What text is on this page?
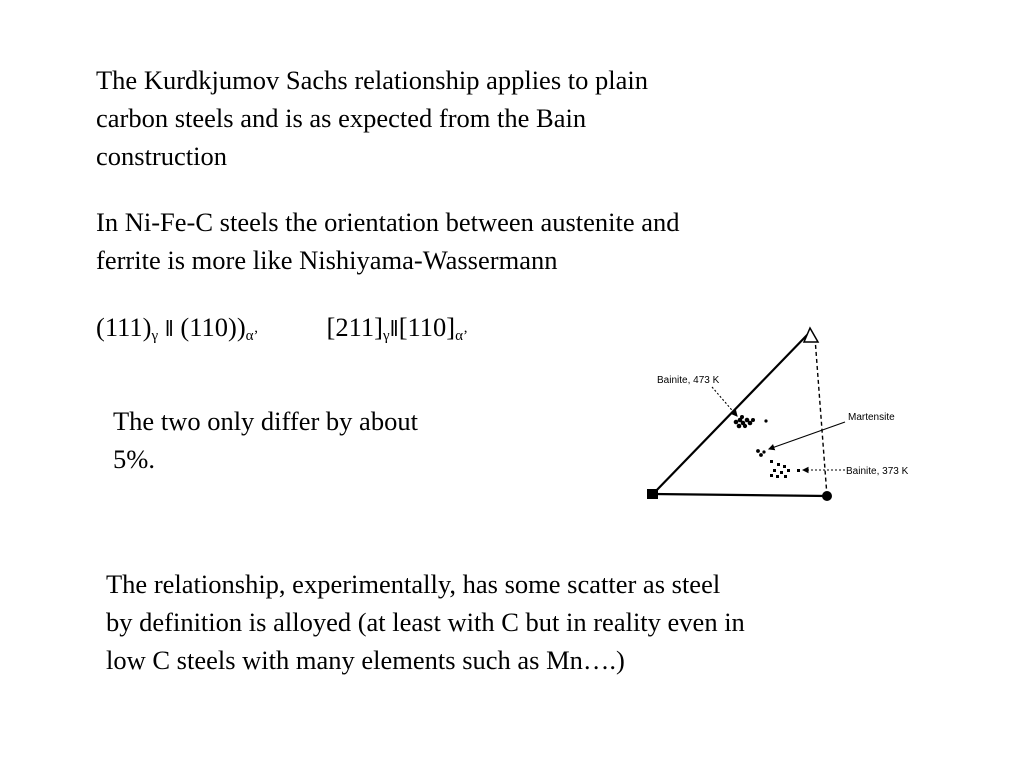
The Kurdkjumov Sachs relationship applies to plain
carbon steels and is as expected from the Bain
construction

In Ni-Fe-C steels the orientation between austenite and
ferrite is more like Nishiyama-Wassermann

$(111)_\gamma$ ‖ $(110))_{\alpha’}$	$[211]_\gamma‖[110]_{\alpha’}$

The two only differ by about
5%.

The relationship, experimentally, has some scatter as steel
by definition is alloyed (at least with C but in reality even in
low C steels with many elements such as Mn….)

Bainite, 473 K
Martensite
Bainite, 373 K
